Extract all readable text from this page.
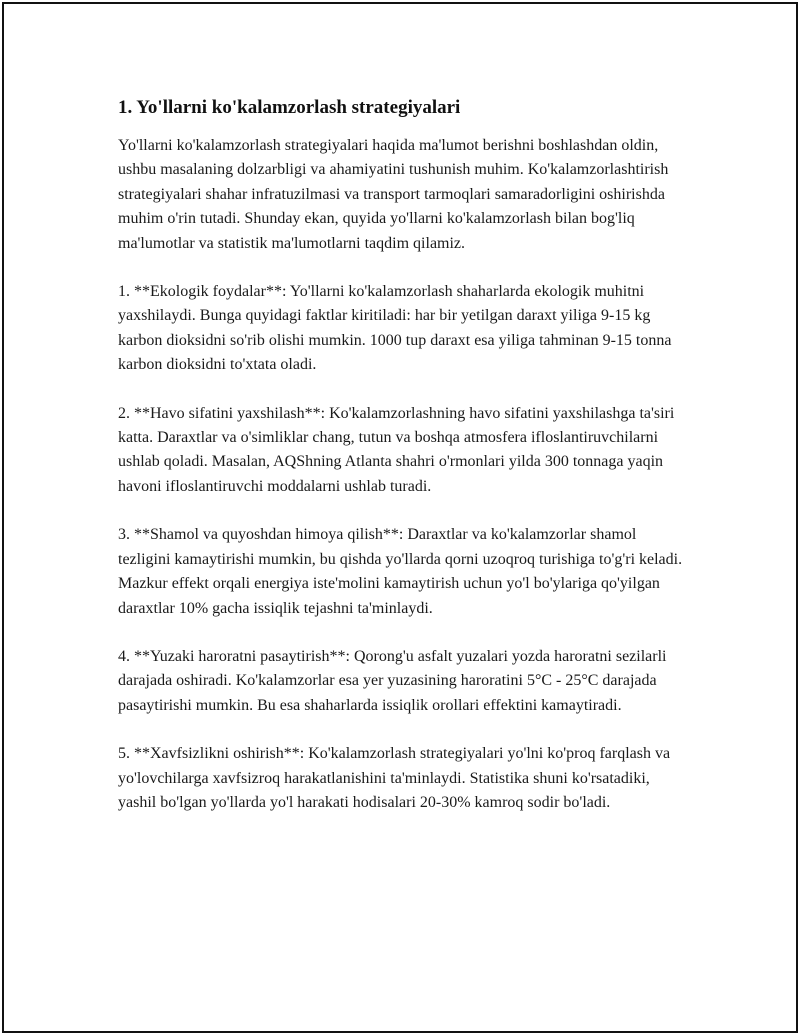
1. Yo'llarni ko'kalamzorlash strategiyalari

Yo'llarni ko'kalamzorlash strategiyalari haqida ma'lumot berishni boshlashdan oldin, ushbu masalaning dolzarbligi va ahamiyatini tushunish muhim. Ko'kalamzorlashtirish strategiyalari shahar infratuzilmasi va transport tarmoqlari samaradorligini oshirishda muhim o'rin tutadi. Shunday ekan, quyida yo'llarni ko'kalamzorlash bilan bog'liq ma'lumotlar va statistik ma'lumotlarni taqdim qilamiz.

1. **Ekologik foydalar**: Yo'llarni ko'kalamzorlash shaharlarda ekologik muhitni yaxshilaydi. Bunga quyidagi faktlar kiritiladi: har bir yetilgan daraxt yiliga 9-15 kg karbon dioksidni so'rib olishi mumkin. 1000 tup daraxt esa yiliga tahminan 9-15 tonna karbon dioksidni to'xtata oladi.

2. **Havo sifatini yaxshilash**: Ko'kalamzorlashning havo sifatini yaxshilashga ta'siri katta. Daraxtlar va o'simliklar chang, tutun va boshqa atmosfera ifloslantiruvchilarni ushlab qoladi. Masalan, AQShning Atlanta shahri o'rmonlari yilda 300 tonnaga yaqin havoni ifloslantiruvchi moddalarni ushlab turadi.

3. **Shamol va quyoshdan himoya qilish**: Daraxtlar va ko'kalamzorlar shamol tezligini kamaytirishi mumkin, bu qishda yo'llarda qorni uzoqroq turishiga to'g'ri keladi. Mazkur effekt orqali energiya iste'molini kamaytirish uchun yo'l bo'ylariga qo'yilgan daraxtlar 10% gacha issiqlik tejashni ta'minlaydi.

4. **Yuzaki haroratni pasaytirish**: Qorong'u asfalt yuzalari yozda haroratni sezilarli darajada oshiradi. Ko'kalamzorlar esa yer yuzasining haroratini 5°C - 25°C darajada pasaytirishi mumkin. Bu esa shaharlarda issiqlik orollari effektini kamaytiradi.

5. **Xavfsizlikni oshirish**: Ko'kalamzorlash strategiyalari yo'lni ko'proq farqlash va yo'lovchilarga xavfsizroq harakatlanishini ta'minlaydi. Statistika shuni ko'rsatadiki, yashil bo'lgan yo'llarda yo'l harakati hodisalari 20-30% kamroq sodir bo'ladi.
